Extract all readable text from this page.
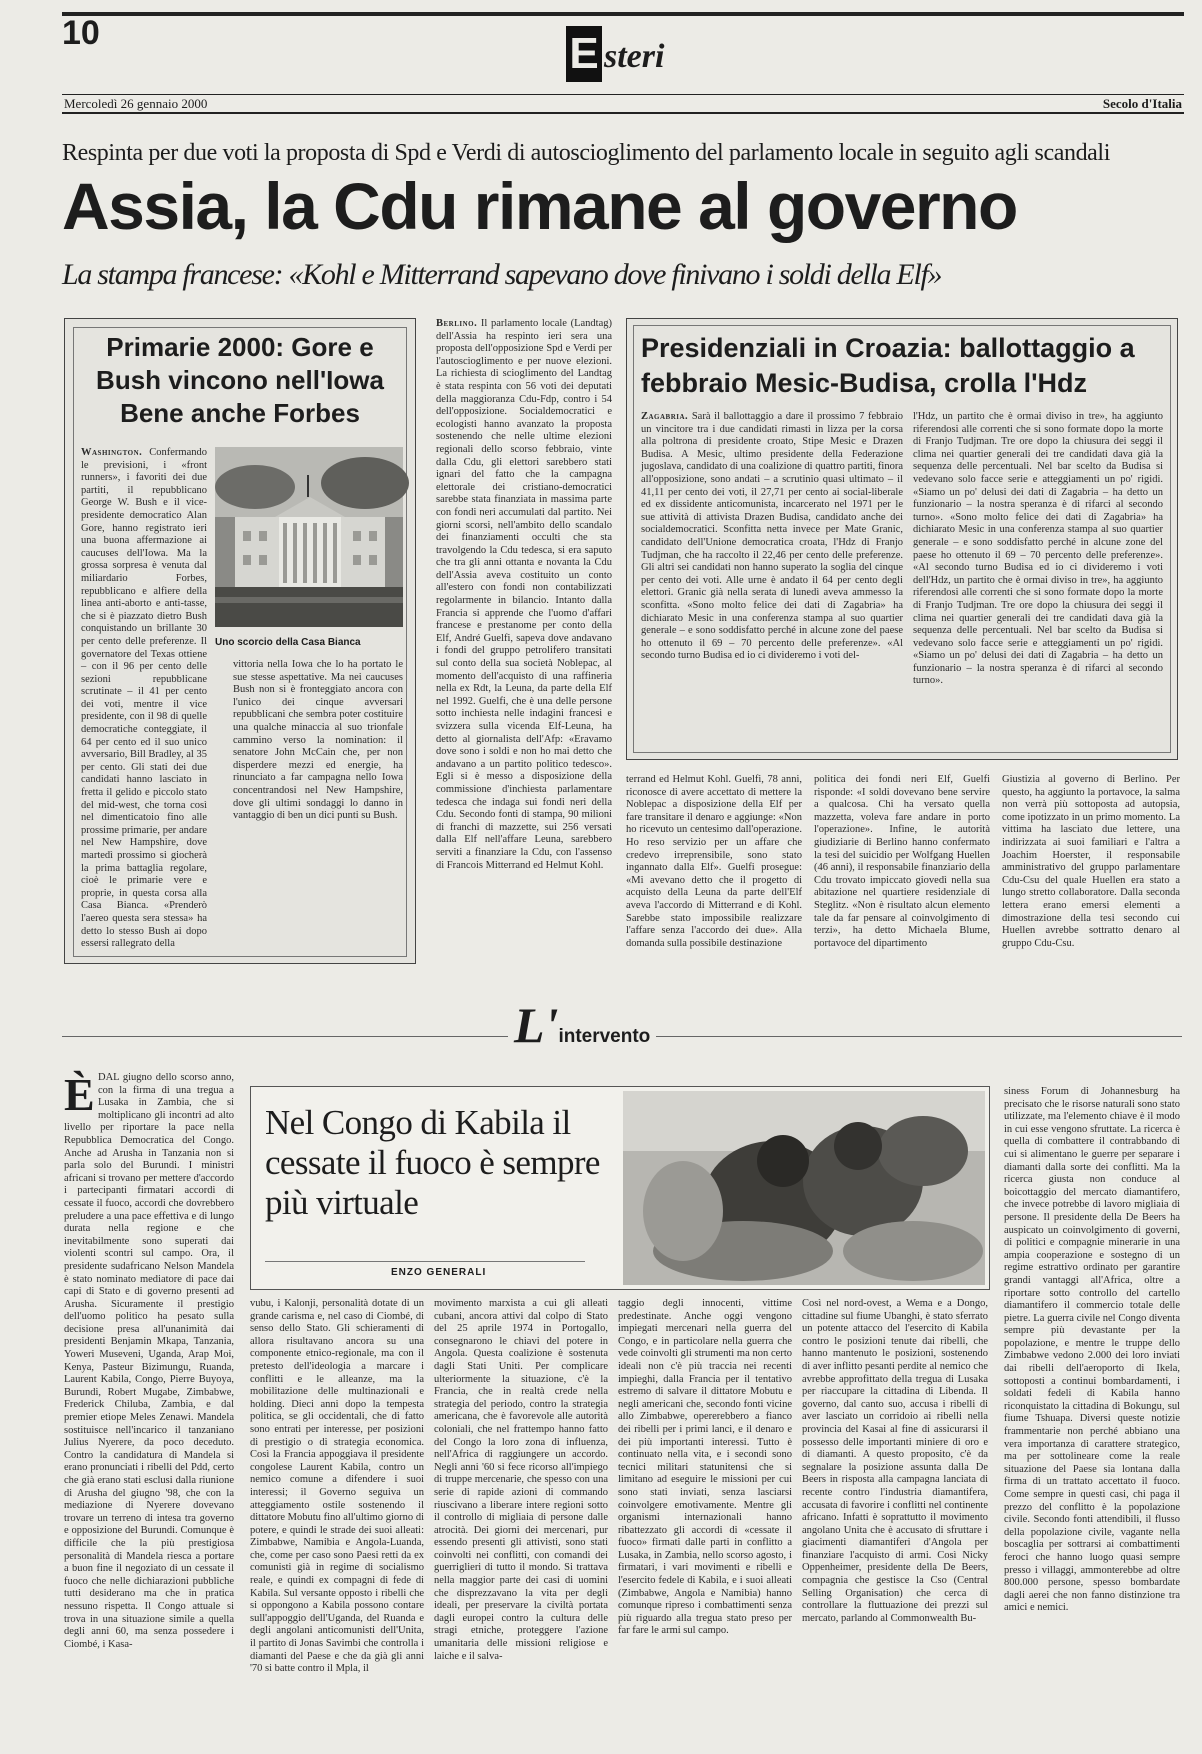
10	E steri
Mercoledì 26 gennaio 2000	Secolo d'Italia
Respinta per due voti la proposta di Spd e Verdi di autoscioglimento del parlamento locale in seguito agli scandali
Assia, la Cdu rimane al governo
La stampa francese: «Kohl e Mitterrand sapevano dove finivano i soldi della Elf»
Primarie 2000: Gore e Bush vincono nell'Iowa Bene anche Forbes
Washington. Confermando le previsioni, i «front runners», i favoriti dei due partiti, il repubblicano George W. Bush e il vice-presidente democratico Alan Gore, hanno registrato ieri una buona affermazione ai caucuses dell'Iowa. Ma la grossa sorpresa è venuta dal miliardario Forbes, repubblicano e alfiere della linea anti-aborto e anti-tasse, che si è piazzato dietro Bush conquistando un brillante 30 per cento delle preferenze. Il governatore del Texas ottiene – con il 96 per cento delle sezioni repubblicane scrutinate – il 41 per cento dei voti, mentre il vice presidente, con il 98 di quelle democratiche conteggiate, il 64 per cento ed il suo unico avversario, Bill Bradley, al 35 per cento. Gli stati dei due candidati hanno lasciato in fretta il gelido e piccolo stato del mid-west, che torna così nel dimenticatoio fino alle prossime primarie, per andare nel New Hampshire, dove martedì prossimo si giocherà la prima battaglia regolare, cioè le primarie vere e proprie, in questa corsa alla Casa Bianca. «Prenderò l'aereo questa sera stessa» ha detto lo stesso Bush ai dopo essersi rallegrato della
Uno scorcio della Casa Bianca
vittoria nella Iowa che lo ha portato le sue stesse aspettative. Ma nei caucuses Bush non si è fronteggiato ancora con l'unico dei cinque avversari repubblicani che sembra poter costituire una qualche minaccia al suo trionfale cammino verso la nomination: il senatore John McCain che, per non disperdere mezzi ed energie, ha rinunciato a far campagna nello Iowa concentrandosi nel New Hampshire, dove gli ultimi sondaggi lo danno in vantaggio di ben un dici punti su Bush.
Berlino. Il parlamento locale (Landtag) dell'Assia ha respinto ieri sera una proposta dell'opposizione Spd e Verdi per l'autoscioglimento e per nuove elezioni. La richiesta di scioglimento del Landtag è stata respinta con 56 voti dei deputati della maggioranza Cdu-Fdp, contro i 54 dell'opposizione. Socialdemocratici e ecologisti hanno avanzato la proposta sostenendo che nelle ultime elezioni regionali dello scorso febbraio, vinte dalla Cdu, gli elettori sarebbero stati ignari del fatto che la campagna elettorale dei cristiano-democratici sarebbe stata finanziata in massima parte con fondi neri accumulati dal partito. Nei giorni scorsi, nell'ambito dello scandalo dei finanziamenti occulti che sta travolgendo la Cdu tedesca, si era saputo che tra gli anni ottanta e novanta la Cdu dell'Assia aveva costituito un conto all'estero con fondi non contabilizzati regolarmente in bilancio. Intanto dalla Francia si apprende che l'uomo d'affari francese e prestanome per conto della Elf, André Guelfi, sapeva dove andavano i fondi del gruppo petrolifero transitati sul conto della sua società Noblepac, al momento dell'acquisto di una raffineria nella ex Rdt, la Leuna, da parte della Elf nel 1992. Guelfi, che è una delle persone sotto inchiesta nelle indagini francesi e svizzera sulla vicenda Elf-Leuna, ha detto al giornalista dell'Afp: «Eravamo dove sono i soldi e non ho mai detto che andavano a un partito politico tedesco». Egli si è messo a disposizione della commissione d'inchiesta parlamentare tedesca che indaga sui fondi neri della Cdu. Secondo fonti di stampa, 90 milioni di franchi di mazzette, sui 256 versati dalla Elf nell'affare Leuna, sarebbero serviti a finanziare la Cdu, con l'assenso di Francois Mitterrand ed Helmut Kohl.
Presidenziali in Croazia: ballottaggio a febbraio Mesic-Budisa, crolla l'Hdz
Zagabria. Sarà il ballottaggio a dare il prossimo 7 febbraio un vincitore tra i due candidati rimasti in lizza per la corsa alla poltrona di presidente croato, Stipe Mesic e Drazen Budisa. A Mesic, ultimo presidente della Federazione jugoslava, candidato di una coalizione di quattro partiti, finora all'opposizione, sono andati – a scrutinio quasi ultimato – il 41,11 per cento dei voti, il 27,71 per cento ai social-liberale ed ex dissidente anticomunista, incarcerato nel 1971 per le sue attività di attivista Drazen Budisa, candidato anche dei socialdemocratici. Sconfitta netta invece per Mate Granic, candidato dell'Unione democratica croata, l'Hdz di Franjo Tudjman, che ha raccolto il 22,46 per cento delle preferenze. Gli altri sei candidati non hanno superato la soglia del cinque per cento dei voti. Alle urne è andato il 64 per cento degli elettori. Granic già nella serata di lunedì aveva ammesso la sconfitta. «Sono molto felice dei dati di Zagabria» ha dichiarato Mesic in una conferenza stampa al suo quartier generale – e sono soddisfatto perché in alcune zone del paese ho ottenuto il 69 – 70 percento delle preferenze». «Al secondo turno Budisa ed io ci divideremo i voti del-
l'Hdz, un partito che è ormai diviso in tre», ha aggiunto riferendosi alle correnti che si sono formate dopo la morte di Franjo Tudjman. Tre ore dopo la chiusura dei seggi il clima nei quartier generali dei tre candidati dava già la sequenza delle percentuali. Nel bar scelto da Budisa si vedevano solo facce serie e atteggiamenti un po' rigidi. «Siamo un po' delusi dei dati di Zagabria – ha detto un funzionario – la nostra speranza è di rifarci al secondo turno». «Sono molto felice dei dati di Zagabria» ha dichiarato Mesic in una conferenza stampa al suo quartier generale – e sono soddisfatto perché in alcune zone del paese ho ottenuto il 69 – 70 percento delle preferenze». «Al secondo turno Budisa ed io ci divideremo i voti dell'Hdz, un partito che è ormai diviso in tre», ha aggiunto riferendosi alle correnti che si sono formate dopo la morte di Franjo Tudjman. Tre ore dopo la chiusura dei seggi il clima nei quartier generali dei tre candidati dava già la sequenza delle percentuali. Nel bar scelto da Budisa si vedevano solo facce serie e atteggiamenti un po' rigidi. «Siamo un po' delusi dei dati di Zagabria – ha detto un funzionario – la nostra speranza è di rifarci al secondo turno».
terrand ed Helmut Kohl. Guelfi, 78 anni, riconosce di avere accettato di mettere la Noblepac a disposizione della Elf per fare transitare il denaro e aggiunge: «Non ho ricevuto un centesimo dall'operazione. Ho reso servizio per un affare che credevo irreprensibile, sono stato ingannato dalla Elf». Guelfi prosegue: «Mi avevano detto che il progetto di acquisto della Leuna da parte dell'Elf aveva l'accordo di Mitterrand e di Kohl. Sarebbe stato impossibile realizzare l'affare senza l'accordo dei due». Alla domanda sulla possibile destinazione
politica dei fondi neri Elf, Guelfi risponde: «I soldi dovevano bene servire a qualcosa. Chi ha versato quella mazzetta, voleva fare andare in porto l'operazione». Infine, le autorità giudiziarie di Berlino hanno confermato la tesi del suicidio per Wolfgang Huellen (46 anni), il responsabile finanziario della Cdu trovato impiccato giovedì nella sua abitazione nel quartiere residenziale di Steglitz. «Non è risultato alcun elemento tale da far pensare al coinvolgimento di terzi», ha detto Michaela Blume, portavoce del dipartimento
Giustizia al governo di Berlino. Per questo, ha aggiunto la portavoce, la salma non verrà più sottoposta ad autopsia, come ipotizzato in un primo momento. La vittima ha lasciato due lettere, una indirizzata ai suoi familiari e l'altra a Joachim Hoerster, il responsabile amministrativo del gruppo parlamentare Cdu-Csu del quale Huellen era stato a lungo stretto collaboratore. Dalla seconda lettera erano emersi elementi a dimostrazione della tesi secondo cui Huellen avrebbe sottratto denaro al gruppo Cdu-Csu.
L'intervento
È DAL giugno dello scorso anno, con la firma di una tregua a Lusaka in Zambia, che si moltiplicano gli incontri ad alto livello per riportare la pace nella Repubblica Democratica del Congo. Anche ad Arusha in Tanzania non si parla solo del Burundi. I ministri africani si trovano per mettere d'accordo i partecipanti firmatari accordi di cessate il fuoco, accordi che dovrebbero preludere a una pace effettiva e di lungo durata nella regione e che inevitabilmente sono superati dai violenti scontri sul campo. Ora, il presidente sudafricano Nelson Mandela è stato nominato mediatore di pace dai capi di Stato e di governo presenti ad Arusha. Sicuramente il prestigio dell'uomo politico ha pesato sulla decisione presa all'unanimità dai presidenti Benjamin Mkapa, Tanzania, Yoweri Museveni, Uganda, Arap Moi, Kenya, Pasteur Bizimungu, Ruanda, Laurent Kabila, Congo, Pierre Buyoya, Burundi, Robert Mugabe, Zimbabwe, Frederick Chiluba, Zambia, e dal premier etiope Meles Zenawi. Mandela sostituisce nell'incarico il tanzaniano Julius Nyerere, da poco deceduto. Contro la candidatura di Mandela si erano pronunciati i ribelli del Pdd, certo che già erano stati esclusi dalla riunione di Arusha del giugno '98, che con la mediazione di Nyerere dovevano trovare un terreno di intesa tra governo e opposizione del Burundi. Comunque è difficile che la più prestigiosa personalità di Mandela riesca a portare a buon fine il negoziato di un cessate il fuoco che nelle dichiarazioni pubbliche tutti desiderano ma che in pratica nessuno rispetta. Il Congo attuale si trova in una situazione simile a quella degli anni 60, ma senza possedere i Ciombé, i Kasa-
Nel Congo di Kabila il cessate il fuoco è sempre più virtuale
ENZO GENERALI
vubu, i Kalonji, personalità dotate di un grande carisma e, nel caso di Ciombé, di senso dello Stato. Gli schieramenti di allora risultavano ancora su una componente etnico-regionale, ma con il pretesto dell'ideologia a marcare i conflitti e le alleanze, ma la mobilitazione delle multinazionali e holding. Dieci anni dopo la tempesta politica, se gli occidentali, che di fatto sono entrati per interesse, per posizioni di prestigio o di strategia economica. Così la Francia appoggiava il presidente congolese Laurent Kabila, contro un nemico comune a difendere i suoi interessi; il Governo seguiva un atteggiamento ostile sostenendo il dittatore Mobutu fino all'ultimo giorno di potere, e quindi le strade dei suoi alleati: Zimbabwe, Namibia e Angola-Luanda, che, come per caso sono Paesi retti da ex comunisti già in regime di socialismo reale, e quindi ex compagni di fede di Kabila. Sul versante opposto i ribelli che si oppongono a Kabila possono contare sull'appoggio dell'Uganda, del Ruanda e degli angolani anticomunisti dell'Unita, il partito di Jonas Savimbi che controlla i diamanti del Paese e che da già gli anni '70 si batte contro il Mpla, il
movimento marxista a cui gli alleati cubani, ancora attivi dal colpo di Stato del 25 aprile 1974 in Portogallo, consegnarono le chiavi del potere in Angola. Questa coalizione è sostenuta dagli Stati Uniti. Per complicare ulteriormente la situazione, c'è la Francia, che in realtà crede nella strategia del periodo, contro la strategia americana, che è favorevole alle autorità coloniali, che nel frattempo hanno fatto del Congo la loro zona di influenza, nell'Africa di raggiungere un accordo. Negli anni '60 si fece ricorso all'impiego di truppe mercenarie, che spesso con una serie di rapide azioni di commando riuscivano a liberare intere regioni sotto il controllo di migliaia di persone dalle atrocità. Dei giorni dei mercenari, pur essendo presenti gli attivisti, sono stati coinvolti nei conflitti, con comandi dei guerriglieri di tutto il mondo. Si trattava nella maggior parte dei casi di uomini che disprezzavano la vita per degli ideali, per preservare la civiltà portata dagli europei contro la cultura delle stragi etniche, proteggere l'azione umanitaria delle missioni religiose e laiche e il salva-
taggio degli innocenti, vittime predestinate. Anche oggi vengono impiegati mercenari nella guerra del Congo, e in particolare nella guerra che vede coinvolti gli strumenti ma non certo ideali non c'è più traccia nei recenti impieghi, dalla Francia per il tentativo estremo di salvare il dittatore Mobutu e negli americani che, secondo fonti vicine allo Zimbabwe, opererebbero a fianco dei ribelli per i primi lanci, e il denaro e dei più importanti interessi. Tutto è continuato nella vita, e i secondi sono tecnici militari statunitensi che si limitano ad eseguire le missioni per cui sono stati inviati, senza lasciarsi coinvolgere emotivamente. Mentre gli organismi internazionali hanno ribattezzato gli accordi di «cessate il fuoco» firmati dalle parti in conflitto a Lusaka, in Zambia, nello scorso agosto, i firmatari, i vari movimenti e ribelli e l'esercito fedele di Kabila, e i suoi alleati (Zimbabwe, Angola e Namibia) hanno comunque ripreso i combattimenti senza più riguardo alla tregua stato preso per far fare le armi sul campo.
Così nel nord-ovest, a Wema e a Dongo, cittadine sul fiume Ubanghi, è stato sferrato un potente attacco del l'esercito di Kabila contro le posizioni tenute dai ribelli, che hanno mantenuto le posizioni, sostenendo di aver inflitto pesanti perdite al nemico che avrebbe approfittato della tregua di Lusaka per riaccupare la cittadina di Libenda. Il governo, dal canto suo, accusa i ribelli di aver lasciato un corridoio ai ribelli nella provincia del Kasai al fine di assicurarsi il possesso delle importanti miniere di oro e di diamanti. A questo proposito, c'è da segnalare la posizione assunta dalla De Beers in risposta alla campagna lanciata di recente contro l'industria diamantifera, accusata di favorire i conflitti nel continente africano. Infatti è soprattutto il movimento angolano Unita che è accusato di sfruttare i giacimenti diamantiferi d'Angola per finanziare l'acquisto di armi. Così Nicky Oppenheimer, presidente della De Beers, compagnia che gestisce la Cso (Central Selling Organisation) che cerca di controllare la fluttuazione dei prezzi sul mercato, parlando al Commonwealth Bu-
siness Forum di Johannesburg ha precisato che le risorse naturali sono stato utilizzate, ma l'elemento chiave è il modo in cui esse vengono sfruttate. La ricerca è quella di combattere il contrabbando di cui si alimentano le guerre per separare i diamanti dalla sorte dei conflitti. Ma la ricerca giusta non conduce al boicottaggio del mercato diamantifero, che invece potrebbe di lavoro migliaia di persone. Il presidente della De Beers ha auspicato un coinvolgimento di governi, di politici e compagnie minerarie in una ampia cooperazione e sostegno di un regime estrattivo ordinato per garantire grandi vantaggi all'Africa, oltre a riportare sotto controllo del cartello diamantifero il commercio totale delle pietre. La guerra civile nel Congo diventa sempre più devastante per la popolazione, e mentre le truppe dello Zimbabwe vedono 2.000 dei loro inviati dai ribelli dell'aeroporto di Ikela, sottoposti a continui bombardamenti, i soldati fedeli di Kabila hanno riconquistato la cittadina di Bokungu, sul fiume Tshuapa. Diversi queste notizie frammentarie non perché abbiano una vera importanza di carattere strategico, ma per sottolineare come la reale situazione del Paese sia lontana dalla firma di un trattato accettato il fuoco. Come sempre in questi casi, chi paga il prezzo del conflitto è la popolazione civile. Secondo fonti attendibili, il flusso della popolazione civile, vagante nella boscaglia per sottrarsi ai combattimenti feroci che hanno luogo quasi sempre presso i villaggi, ammonterebbe ad oltre 800.000 persone, spesso bombardate dagli aerei che non fanno distinzione tra amici e nemici.
